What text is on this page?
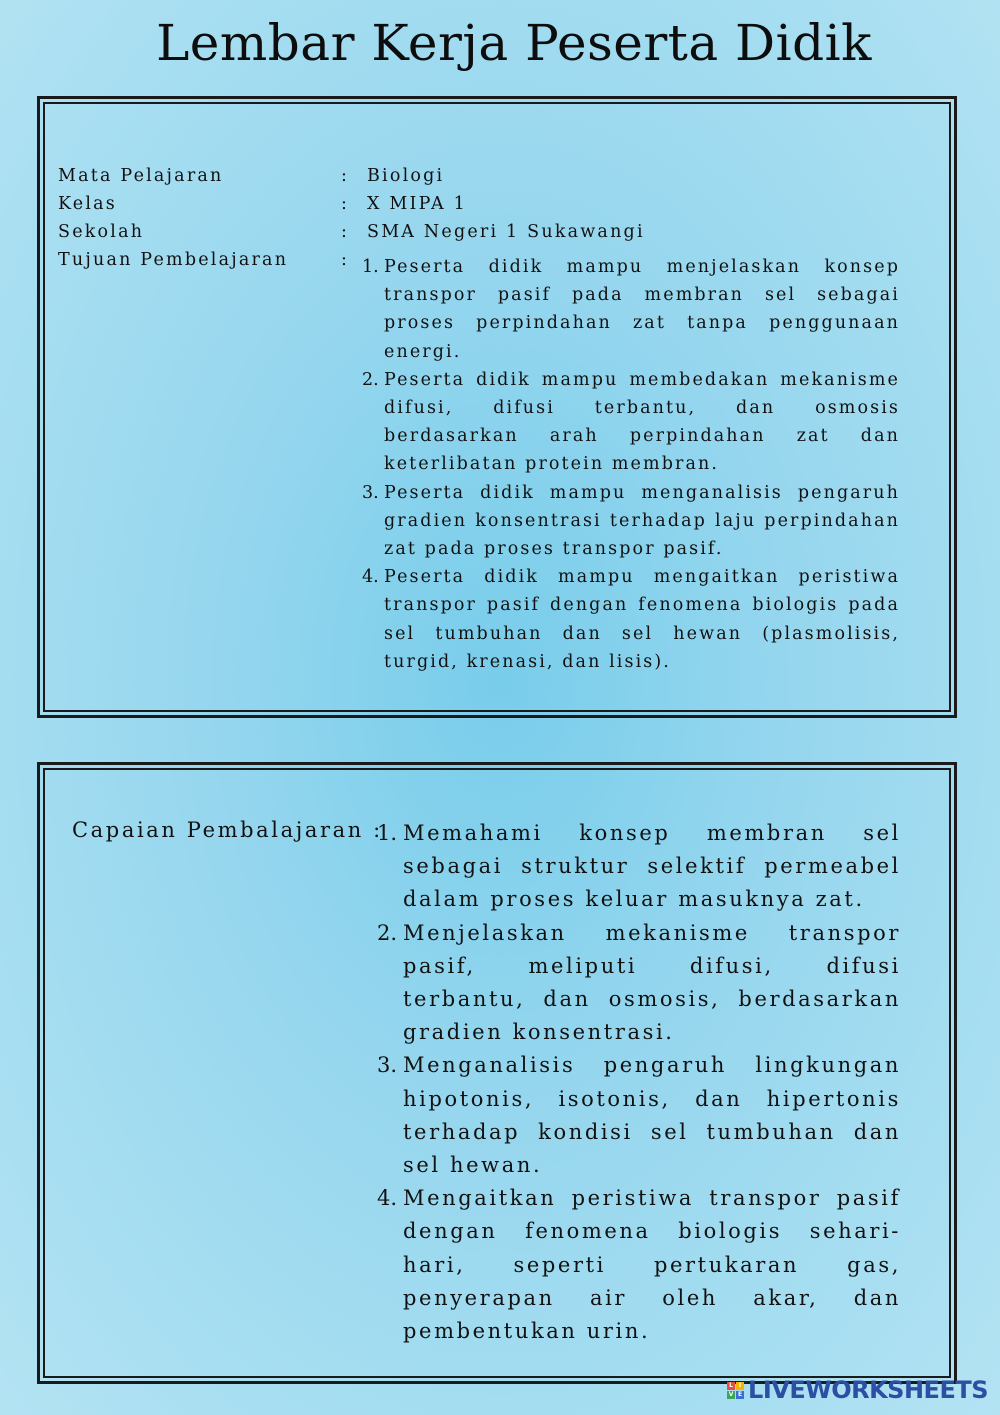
Lembar Kerja Peserta Didik
Mata Pelajaran	: Biologi
Kelas	: X MIPA 1
Sekolah	: SMA Negeri 1 Sukawangi
Tujuan Pembelajaran	: 1. Peserta didik mampu menjelaskan konsep transpor pasif pada membran sel sebagai proses perpindahan zat tanpa penggunaan energi.
2. Peserta didik mampu membedakan mekanisme difusi, difusi terbantu, dan osmosis berdasarkan arah perpindahan zat dan keterlibatan protein membran.
3. Peserta didik mampu menganalisis pengaruh gradien konsentrasi terhadap laju perpindahan zat pada proses transpor pasif.
4. Peserta didik mampu mengaitkan peristiwa transpor pasif dengan fenomena biologis pada sel tumbuhan dan sel hewan (plasmolisis, turgid, krenasi, dan lisis).
Capaian Pembalajaran :
1. Memahami konsep membran sel sebagai struktur selektif permeabel dalam proses keluar masuknya zat.
2. Menjelaskan mekanisme transpor pasif, meliputi difusi, difusi terbantu, dan osmosis, berdasarkan gradien konsentrasi.
3. Menganalisis pengaruh lingkungan hipotonis, isotonis, dan hipertonis terhadap kondisi sel tumbuhan dan sel hewan.
4. Mengaitkan peristiwa transpor pasif dengan fenomena biologis sehari-hari, seperti pertukaran gas, penyerapan air oleh akar, dan pembentukan urin.
L I
V E LIVEWORKSHEETS
